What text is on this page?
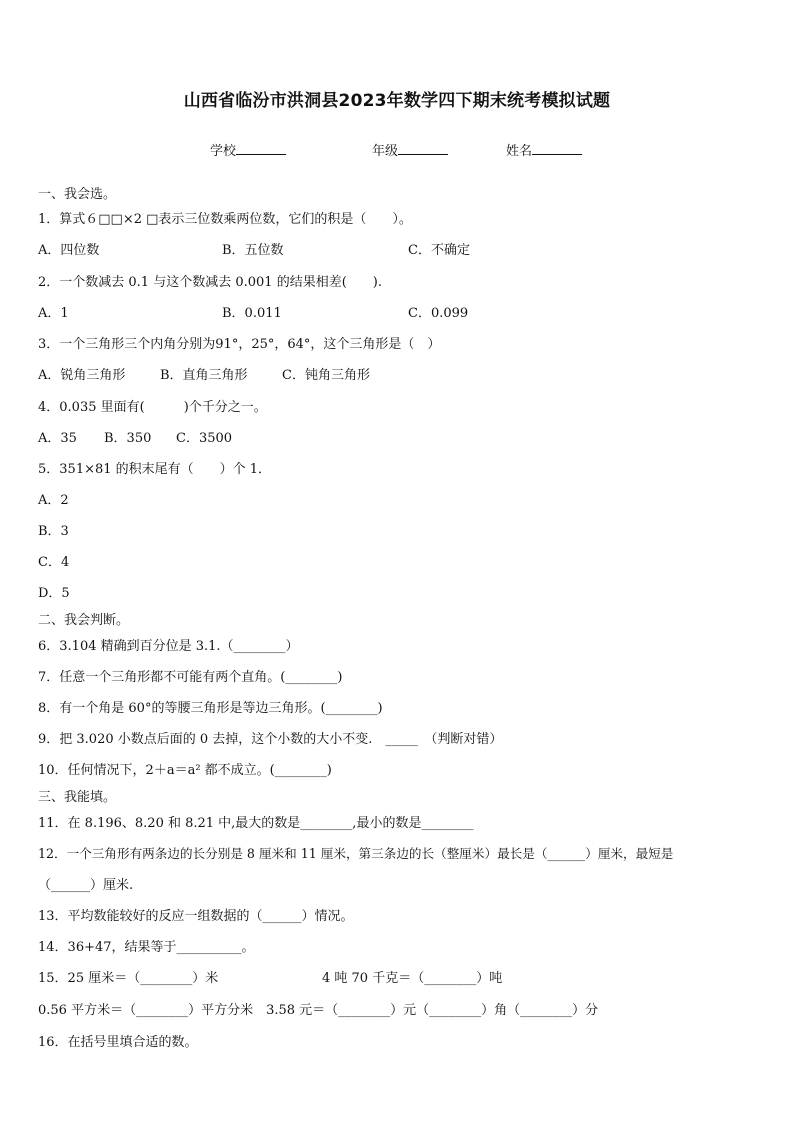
山西省临汾市洪洞县2023年数学四下期末统考模拟试题
学校	年级	姓名
一、我会选。
1．算式６□□×2 □表示三位数乘两位数，它们的积是（　　）。
A．四位数	B．五位数	C．不确定
2．一个数减去 0.1 与这个数减去 0.001 的结果相差(　　).
A．1	B．0.011	C．0.099
3．一个三角形三个内角分别为91°，25°，64°，这个三角形是（　）
A．锐角三角形	B．直角三角形	C．钝角三角形
4．0.035 里面有(　　　)个千分之一。
A．35 B．350 C．3500
5．351×81 的积末尾有（　　）个 1．
A．2
B．3
C．4
D．5
二、我会判断。
6．3.104 精确到百分位是 3.1.（________）
7．任意一个三角形都不可能有两个直角。(________)
8．有一个角是 60°的等腰三角形是等边三角形。(________)
9．把 3.020 小数点后面的 0 去掉，这个小数的大小不变.　_____　（判断对错）
10．任何情况下，2＋a＝a² 都不成立。(________)
三、我能填。
11．在 8.196、8.20 和 8.21 中,最大的数是________,最小的数是________
12．一个三角形有两条边的长分别是 8 厘米和 11 厘米，第三条边的长（整厘米）最长是（______）厘米，最短是
（______）厘米.
13．平均数能较好的反应一组数据的（______）情况。
14．36+47，结果等于__________。
15．25 厘米＝（________）米	4 吨 70 千克＝（________）吨
0.56 平方米＝（________）平方分米　3.58 元＝（________）元（________）角（________）分
16．在括号里填合适的数。
